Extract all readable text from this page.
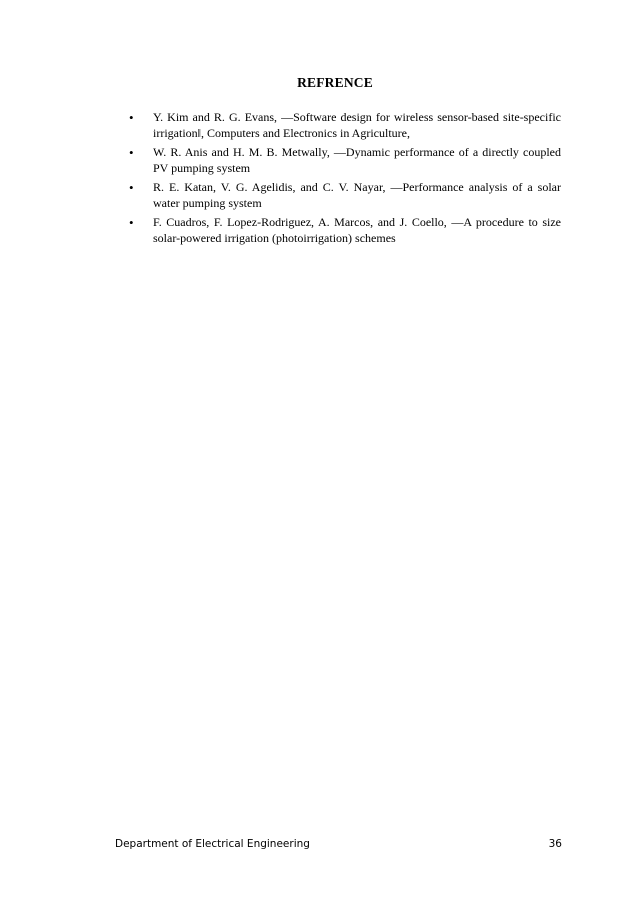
REFRENCE
• Y. Kim and R. G. Evans, ―Software design for wireless sensor-based site-specific irrigation‖, Computers and Electronics in Agriculture,
• W. R. Anis and H. M. B. Metwally, ―Dynamic performance of a directly coupled PV pumping system
• R. E. Katan, V. G. Agelidis, and C. V. Nayar, ―Performance analysis of a solar water pumping system
• F. Cuadros, F. Lopez-Rodriguez, A. Marcos, and J. Coello, ―A procedure to size solar-powered irrigation (photoirrigation) schemes
Department of Electrical Engineering	36
